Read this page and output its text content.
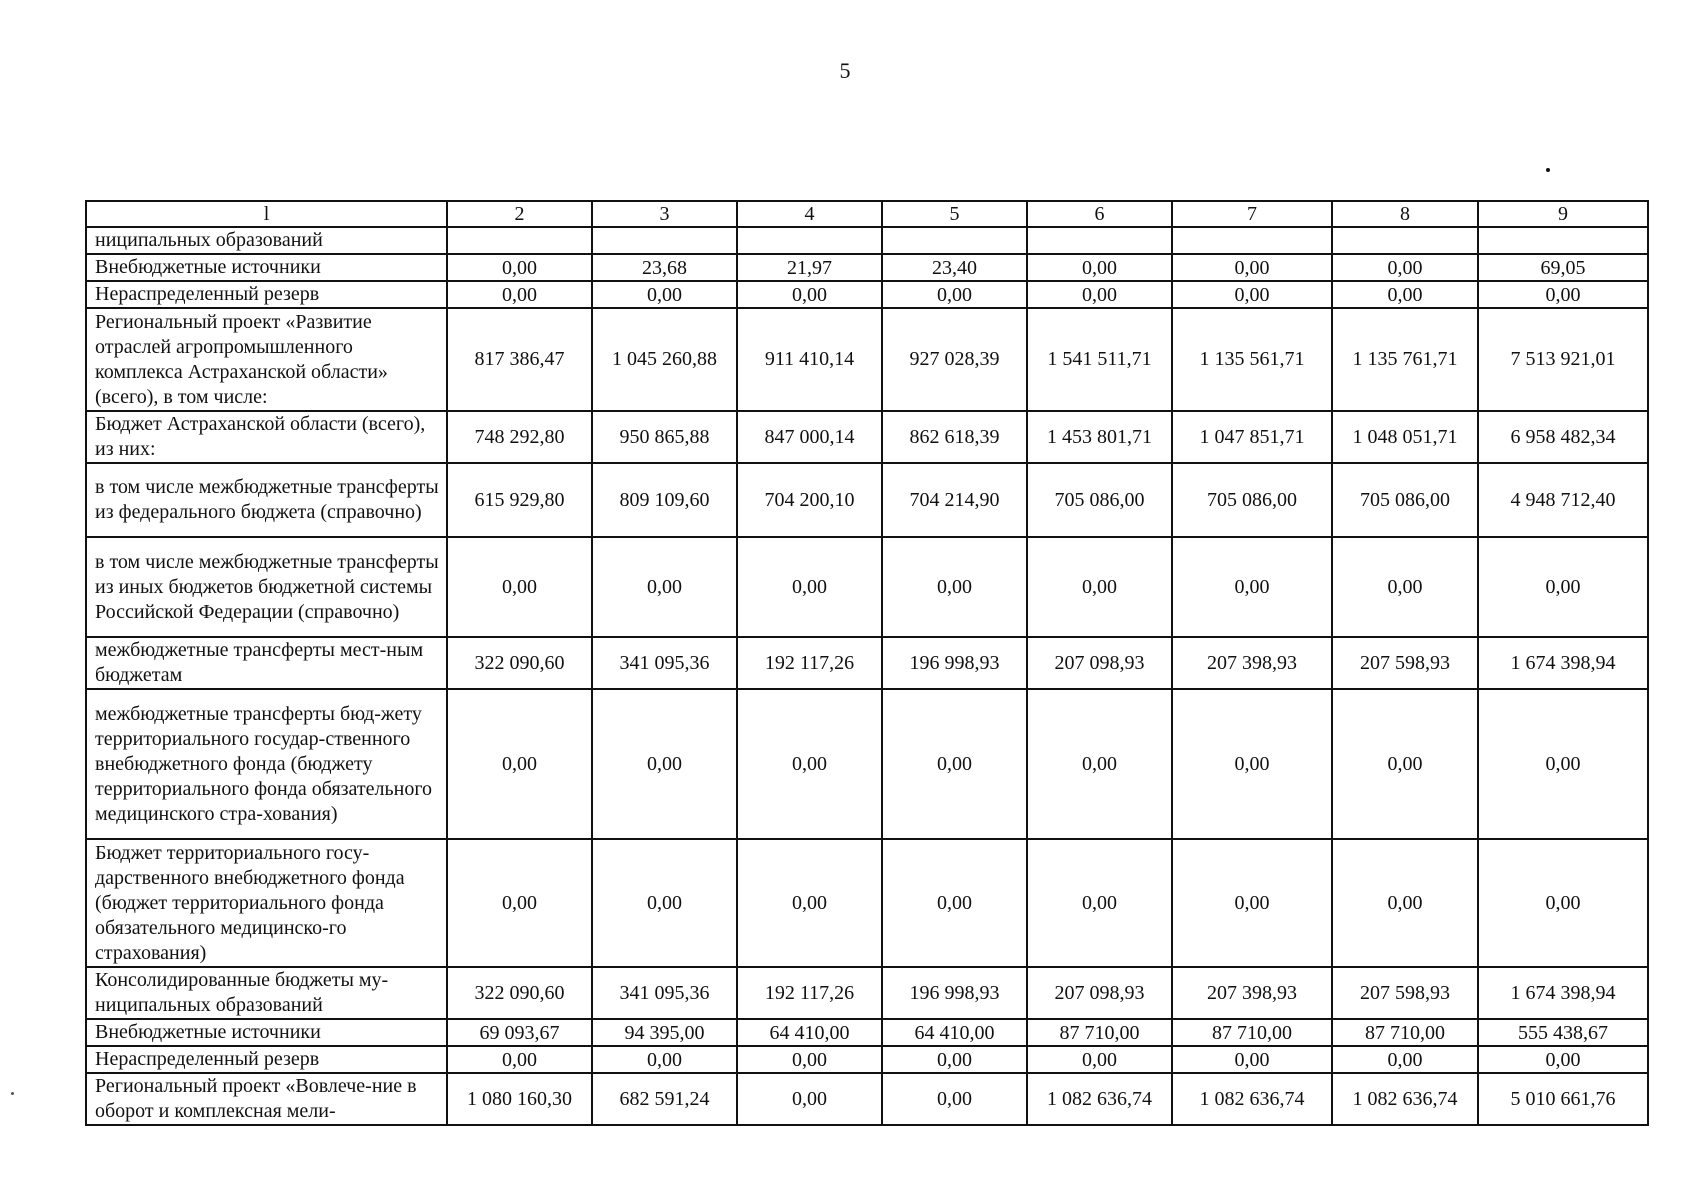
5
l	2	3	4	5	6	7	8	9
ниципальных образований								
Внебюджетные источники	0,00	23,68	21,97	23,40	0,00	0,00	0,00	69,05
Нераспределенный резерв	0,00	0,00	0,00	0,00	0,00	0,00	0,00	0,00
Региональный проект «Развитие отраслей агропромышленного комплекса Астраханской области» (всего), в том числе:	817 386,47	1 045 260,88	911 410,14	927 028,39	1 541 511,71	1 135 561,71	1 135 761,71	7 513 921,01
Бюджет Астраханской области (всего), из них:	748 292,80	950 865,88	847 000,14	862 618,39	1 453 801,71	1 047 851,71	1 048 051,71	6 958 482,34
в том числе межбюджетные трансферты из федерального бюджета (справочно)	615 929,80	809 109,60	704 200,10	704 214,90	705 086,00	705 086,00	705 086,00	4 948 712,40
в том числе межбюджетные трансферты из иных бюджетов бюджетной системы Российской Федерации (справочно)	0,00	0,00	0,00	0,00	0,00	0,00	0,00	0,00
межбюджетные трансферты мест-ным бюджетам	322 090,60	341 095,36	192 117,26	196 998,93	207 098,93	207 398,93	207 598,93	1 674 398,94
межбюджетные трансферты бюд-жету территориального государ-ственного внебюджетного фонда (бюджету территориального фонда обязательного медицинского стра-хования)	0,00	0,00	0,00	0,00	0,00	0,00	0,00	0,00
Бюджет территориального госу-дарственного внебюджетного фонда (бюджет территориального фонда обязательного медицинско-го страхования)	0,00	0,00	0,00	0,00	0,00	0,00	0,00	0,00
Консолидированные бюджеты му-ниципальных образований	322 090,60	341 095,36	192 117,26	196 998,93	207 098,93	207 398,93	207 598,93	1 674 398,94
Внебюджетные источники	69 093,67	94 395,00	64 410,00	64 410,00	87 710,00	87 710,00	87 710,00	555 438,67
Нераспределенный резерв	0,00	0,00	0,00	0,00	0,00	0,00	0,00	0,00
Региональный проект «Вовлече-ние в оборот и комплексная мели-	1 080 160,30	682 591,24	0,00	0,00	1 082 636,74	1 082 636,74	1 082 636,74	5 010 661,76
